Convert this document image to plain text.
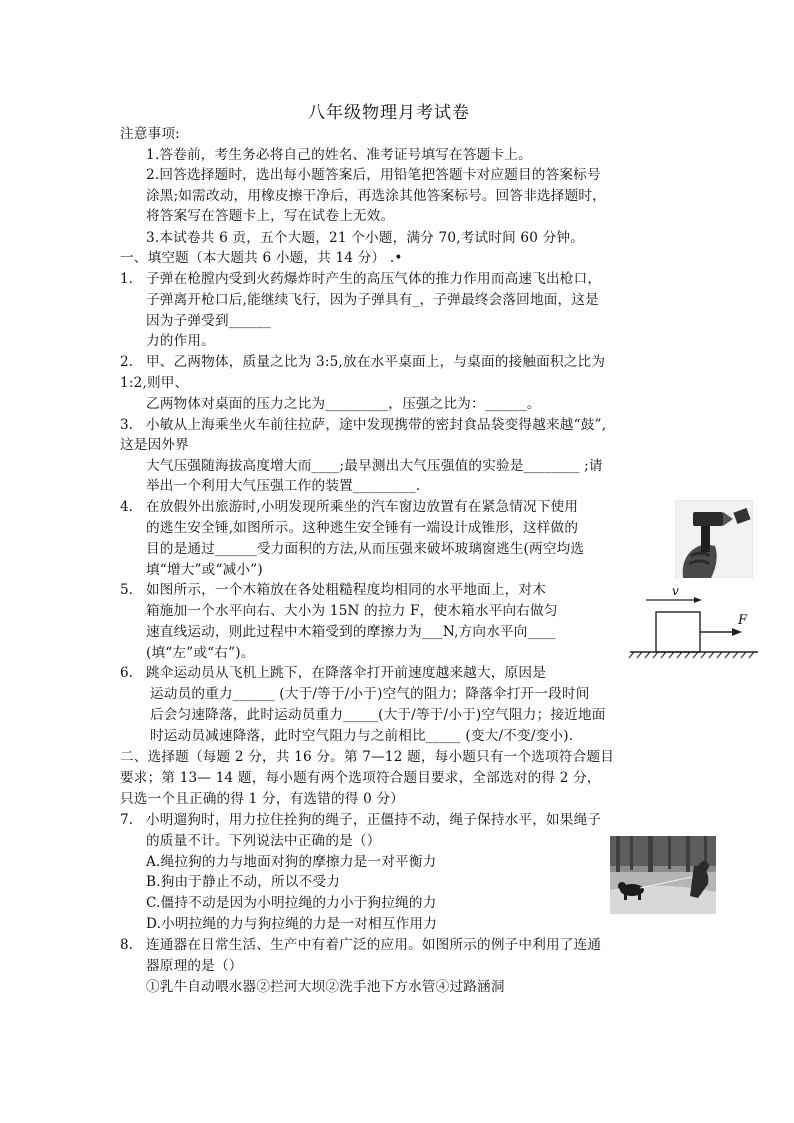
八年级物理月考试卷
注意事项:
1.答卷前，考生务必将自己的姓名、准考证号填写在答题卡上。
2.回答选择题时，选出每小题答案后，用铅笔把答题卡对应题目的答案标号
涂黑;如需改动，用橡皮擦干净后，再选涂其他答案标号。回答非选择题时，
将答案写在答题卡上，写在试卷上无效。
3.本试卷共 6 贡，五个大题，21 个小题，满分 70,考试时间 60 分钟。
一、填空题（本大题共 6 小题，共 14 分） .•
1. 子弹在枪膛内受到火药爆炸时产生的高压气体的推力作用而高速飞出枪口，
子弹离开枪口后,能继续飞行，因为子弹具有_，子弹最终会落回地面，这是
因为子弹受到______
力的作用。
2. 甲、乙两物体，质量之比为 3:5,放在水平桌面上，与桌面的接触面积之比为
1:2,则甲、
乙两物体对桌面的压力之比为_________，压强之比为：______。
3. 小敏从上海乘坐火车前往拉萨，途中发现携带的密封食品袋变得越来越“鼓”,
这是因外界
大气压强随海拔高度增大而____;最早测出大气压强值的实验是________ ;请
举出一个利用大气压强工作的装置_________.
4. 在放假外出旅游时,小明发现所乘坐的汽车窗边放置有在紧急情况下使用
的逃生安全锤,如图所示。这种逃生安全锤有一端设计成锥形，这样做的
目的是通过______受力面积的方法,从而压强来破坏玻璃窗逃生(两空均选
填“增大”或“减小”)
5. 如图所示，一个木箱放在各处粗糙程度均相同的水平地面上，对木
箱施加一个水平向右、大小为 15N 的拉力 F，使木箱水平向右做匀
速直线运动，则此过程中木箱受到的摩擦力为___N,方向水平向____
(填“左”或“右”)。
v
F
6. 跳伞运动员从飞机上跳下，在降落伞打开前速度越来越大，原因是
运动员的重力______ (大于/等于/小于)空气的阻力；降落伞打开一段时间
后会匀速降落，此时运动员重力_____(大于/等于/小于)空气阻力；接近地面
时运动员减速降落，此时空气阻力与之前相比_____ (变大/不变/变小).
二、选择题（每题 2 分，共 16 分。第 7—12 题，每小题只有一个选项符合题目
要求；第 13— 14 题，每小题有两个选项符合题目要求，全部选对的得 2 分，
只选一个且正确的得 1 分，有选错的得 0 分）
7. 小明遛狗时，用力拉住拴狗的绳子，正僵持不动，绳子保持水平，如果绳子
的质量不计。下列说法中正确的是（）
A.绳拉狗的力与地面对狗的摩擦力是一对平衡力
B.狗由于静止不动，所以不受力
C.僵持不动是因为小明拉绳的力小于狗拉绳的力
D.小明拉绳的力与狗拉绳的力是一对相互作用力
8. 连通器在日常生活、生产中有着广泛的应用。如图所示的例子中利用了连通
器原理的是（）
①乳牛自动喂水器②拦河大坝②洗手池下方水管④过路涵洞
